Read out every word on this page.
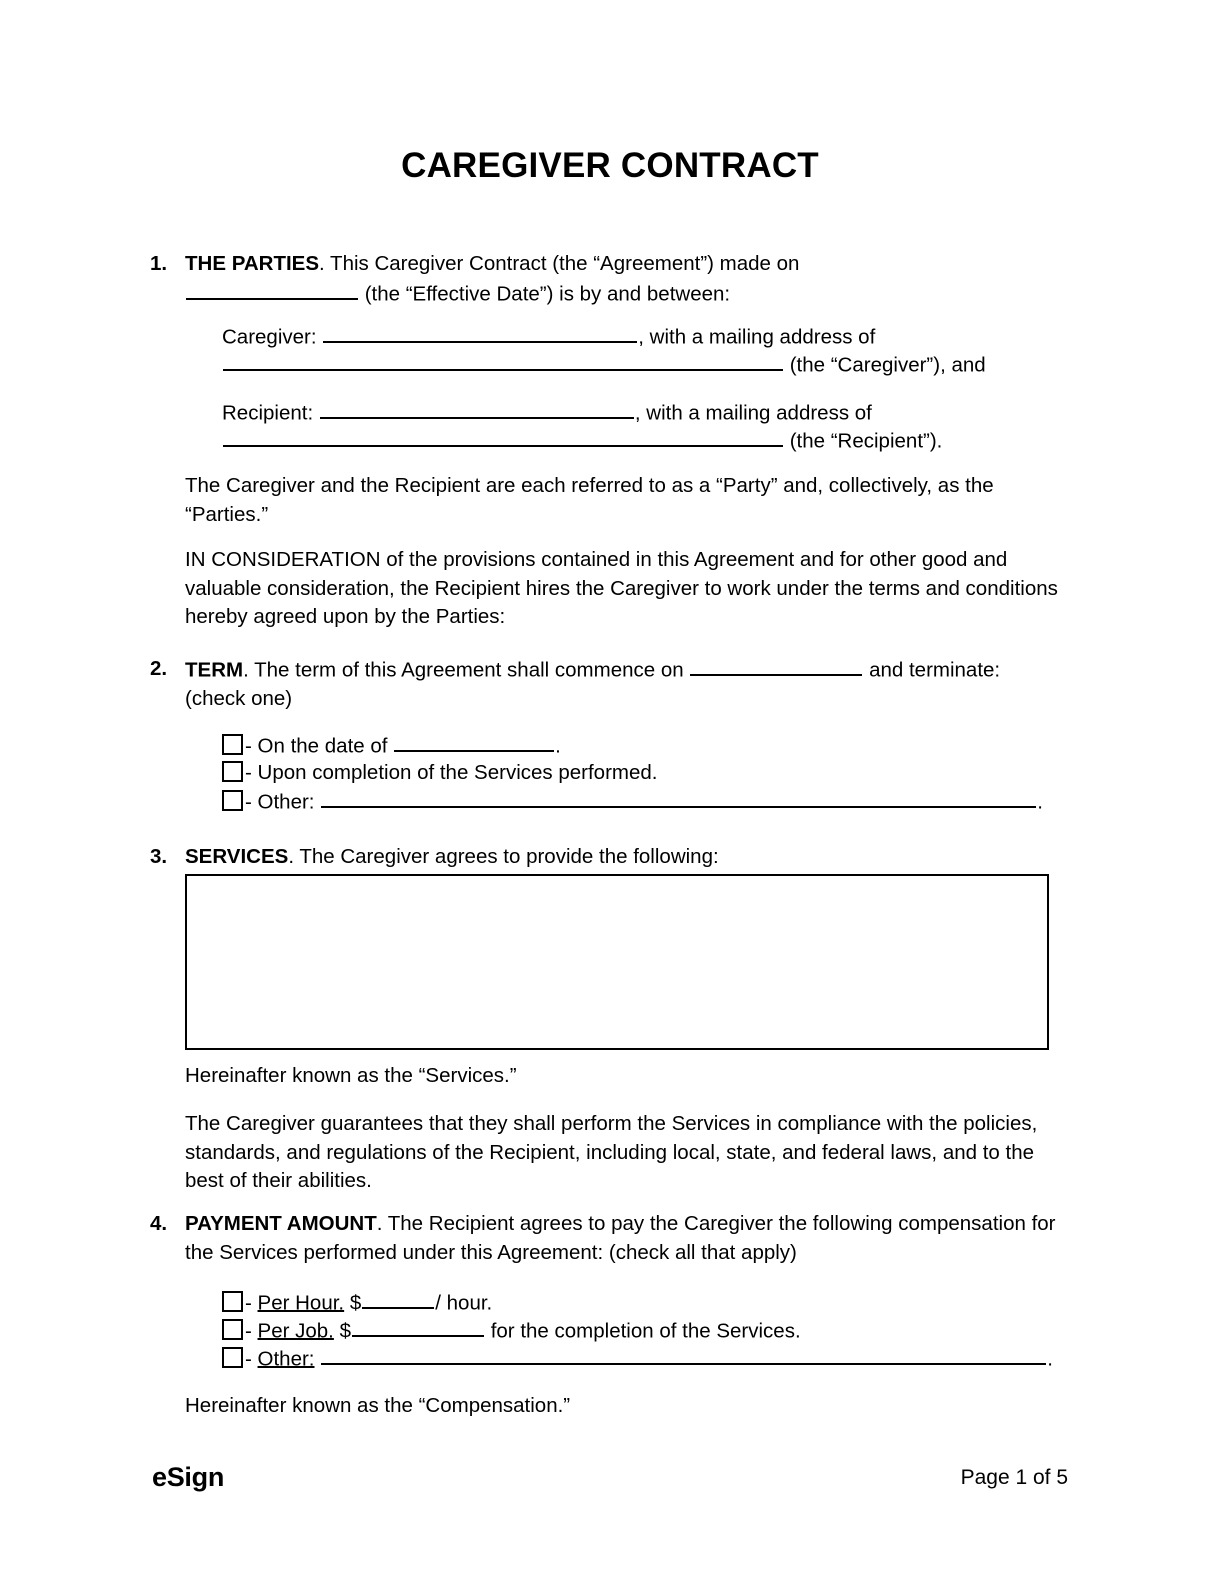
CAREGIVER CONTRACT
1. THE PARTIES. This Caregiver Contract (the “Agreement”) made on
(the “Effective Date”) is by and between:
Caregiver:	, with a mailing address of
(the “Caregiver”), and
Recipient:	, with a mailing address of
(the “Recipient”).
The Caregiver and the Recipient are each referred to as a “Party” and, collectively, as the “Parties.”
IN CONSIDERATION of the provisions contained in this Agreement and for other good and valuable consideration, the Recipient hires the Caregiver to work under the terms and conditions hereby agreed upon by the Parties:
2. TERM. The term of this Agreement shall commence on	and terminate: (check one)
- On the date of	.
- Upon completion of the Services performed.
- Other:	.
3. SERVICES. The Caregiver agrees to provide the following:
Hereinafter known as the “Services.”
The Caregiver guarantees that they shall perform the Services in compliance with the policies, standards, and regulations of the Recipient, including local, state, and federal laws, and to the best of their abilities.
4. PAYMENT AMOUNT. The Recipient agrees to pay the Caregiver the following compensation for the Services performed under this Agreement: (check all that apply)
- Per Hour. $	/ hour.
- Per Job. $	for the completion of the Services.
- Other:	.
Hereinafter known as the “Compensation.”
eSign	Page 1 of 5
